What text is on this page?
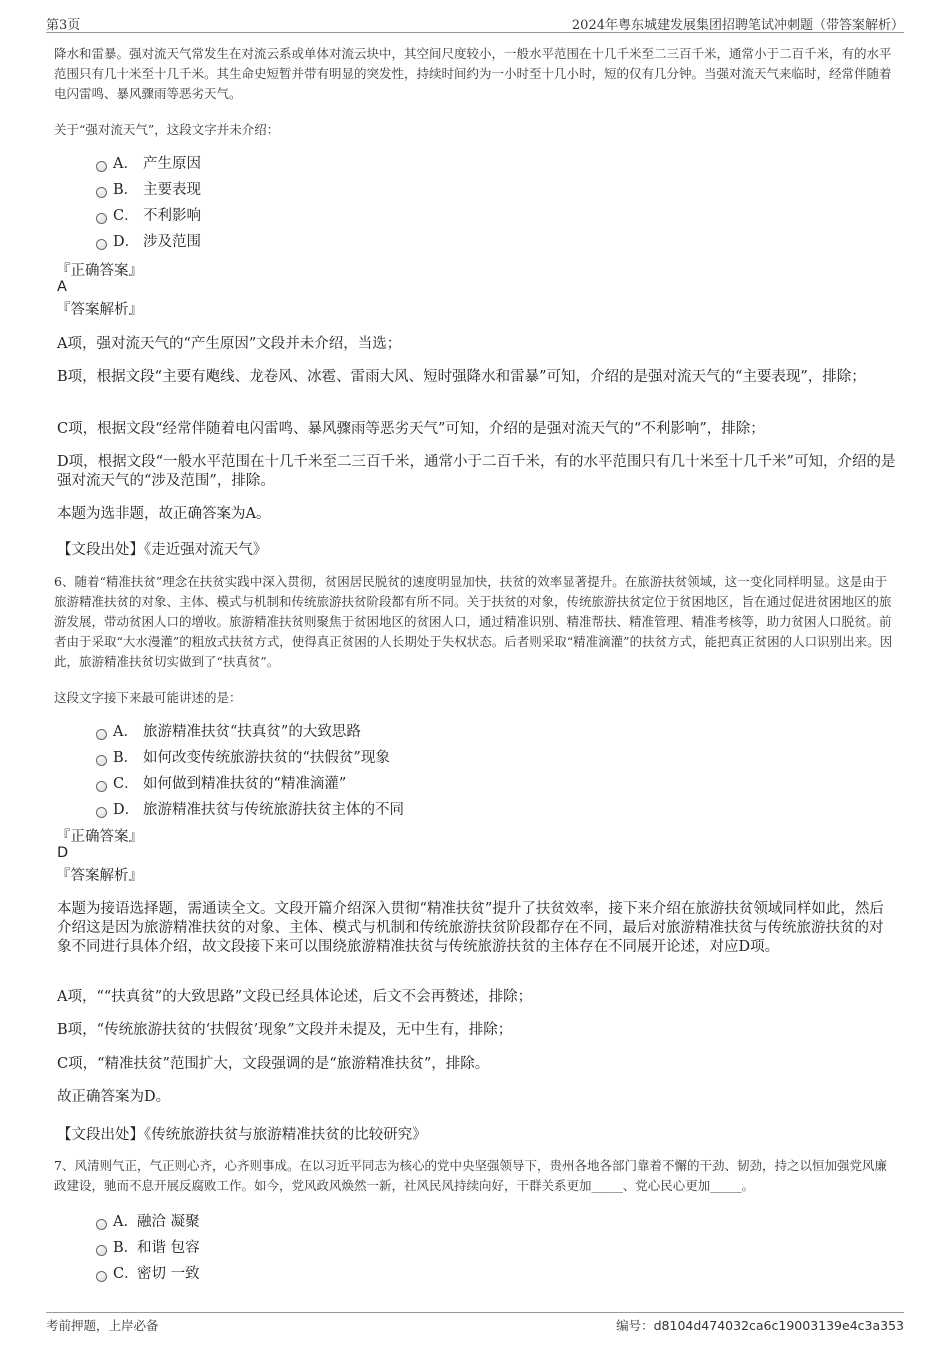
第3页	2024年粤东城建发展集团招聘笔试冲刺题（带答案解析）

降水和雷暴。强对流天气常发生在对流云系或单体对流云块中，其空间尺度较小，一般水平范围在十几千米至二三百千米，通常小于二百千米，有的水平范围只有几十米至十几千米。其生命史短暂并带有明显的突发性，持续时间约为一小时至十几小时，短的仅有几分钟。当强对流天气来临时，经常伴随着电闪雷鸣、暴风骤雨等恶劣天气。

关于“强对流天气”，这段文字并未介绍：
A． 产生原因
B． 主要表现
C． 不利影响
D． 涉及范围
『正确答案』
A
『答案解析』

A项，强对流天气的“产生原因”文段并未介绍，当选；

B项，根据文段“主要有飑线、龙卷风、冰雹、雷雨大风、短时强降水和雷暴”可知，介绍的是强对流天气的“主要表现”，排除；

C项，根据文段“经常伴随着电闪雷鸣、暴风骤雨等恶劣天气”可知，介绍的是强对流天气的“不利影响”，排除；

D项，根据文段“一般水平范围在十几千米至二三百千米，通常小于二百千米，有的水平范围只有几十米至十几千米”可知，介绍的是强对流天气的“涉及范围”，排除。

本题为选非题，故正确答案为A。

【文段出处】《走近强对流天气》

6、随着“精准扶贫”理念在扶贫实践中深入贯彻，贫困居民脱贫的速度明显加快，扶贫的效率显著提升。在旅游扶贫领域，这一变化同样明显。这是由于旅游精准扶贫的对象、主体、模式与机制和传统旅游扶贫阶段都有所不同。关于扶贫的对象，传统旅游扶贫定位于贫困地区，旨在通过促进贫困地区的旅游发展，带动贫困人口的增收。旅游精准扶贫则聚焦于贫困地区的贫困人口，通过精准识别、精准帮扶、精准管理、精准考核等，助力贫困人口脱贫。前者由于采取“大水漫灌”的粗放式扶贫方式，使得真正贫困的人长期处于失权状态。后者则采取“精准滴灌”的扶贫方式，能把真正贫困的人口识别出来。因此，旅游精准扶贫切实做到了“扶真贫”。

这段文字接下来最可能讲述的是：
A． 旅游精准扶贫“扶真贫”的大致思路
B． 如何改变传统旅游扶贫的“扶假贫”现象
C． 如何做到精准扶贫的“精准滴灌”
D． 旅游精准扶贫与传统旅游扶贫主体的不同
『正确答案』
D
『答案解析』

本题为接语选择题，需通读全文。文段开篇介绍深入贯彻“精准扶贫”提升了扶贫效率，接下来介绍在旅游扶贫领域同样如此，然后介绍这是因为旅游精准扶贫的对象、主体、模式与机制和传统旅游扶贫阶段都存在不同，最后对旅游精准扶贫与传统旅游扶贫的对象不同进行具体介绍，故文段接下来可以围绕旅游精准扶贫与传统旅游扶贫的主体存在不同展开论述，对应D项。

A项，““扶真贫”的大致思路”文段已经具体论述，后文不会再赘述，排除；

B项，“传统旅游扶贫的‘扶假贫’现象”文段并未提及，无中生有，排除；

C项，“精准扶贫”范围扩大，文段强调的是“旅游精准扶贫”，排除。

故正确答案为D。

【文段出处】《传统旅游扶贫与旅游精准扶贫的比较研究》

7、风清则气正，气正则心齐，心齐则事成。在以习近平同志为核心的党中央坚强领导下，贵州各地各部门靠着不懈的干劲、韧劲，持之以恒加强党风廉政建设，驰而不息开展反腐败工作。如今，党风政风焕然一新，社风民风持续向好，干群关系更加_____、党心民心更加_____。

A．融洽 凝聚
B．和谐 包容
C．密切 一致
考前押题，上岸必备	编号：d8104d474032ca6c19003139e4c3a353
